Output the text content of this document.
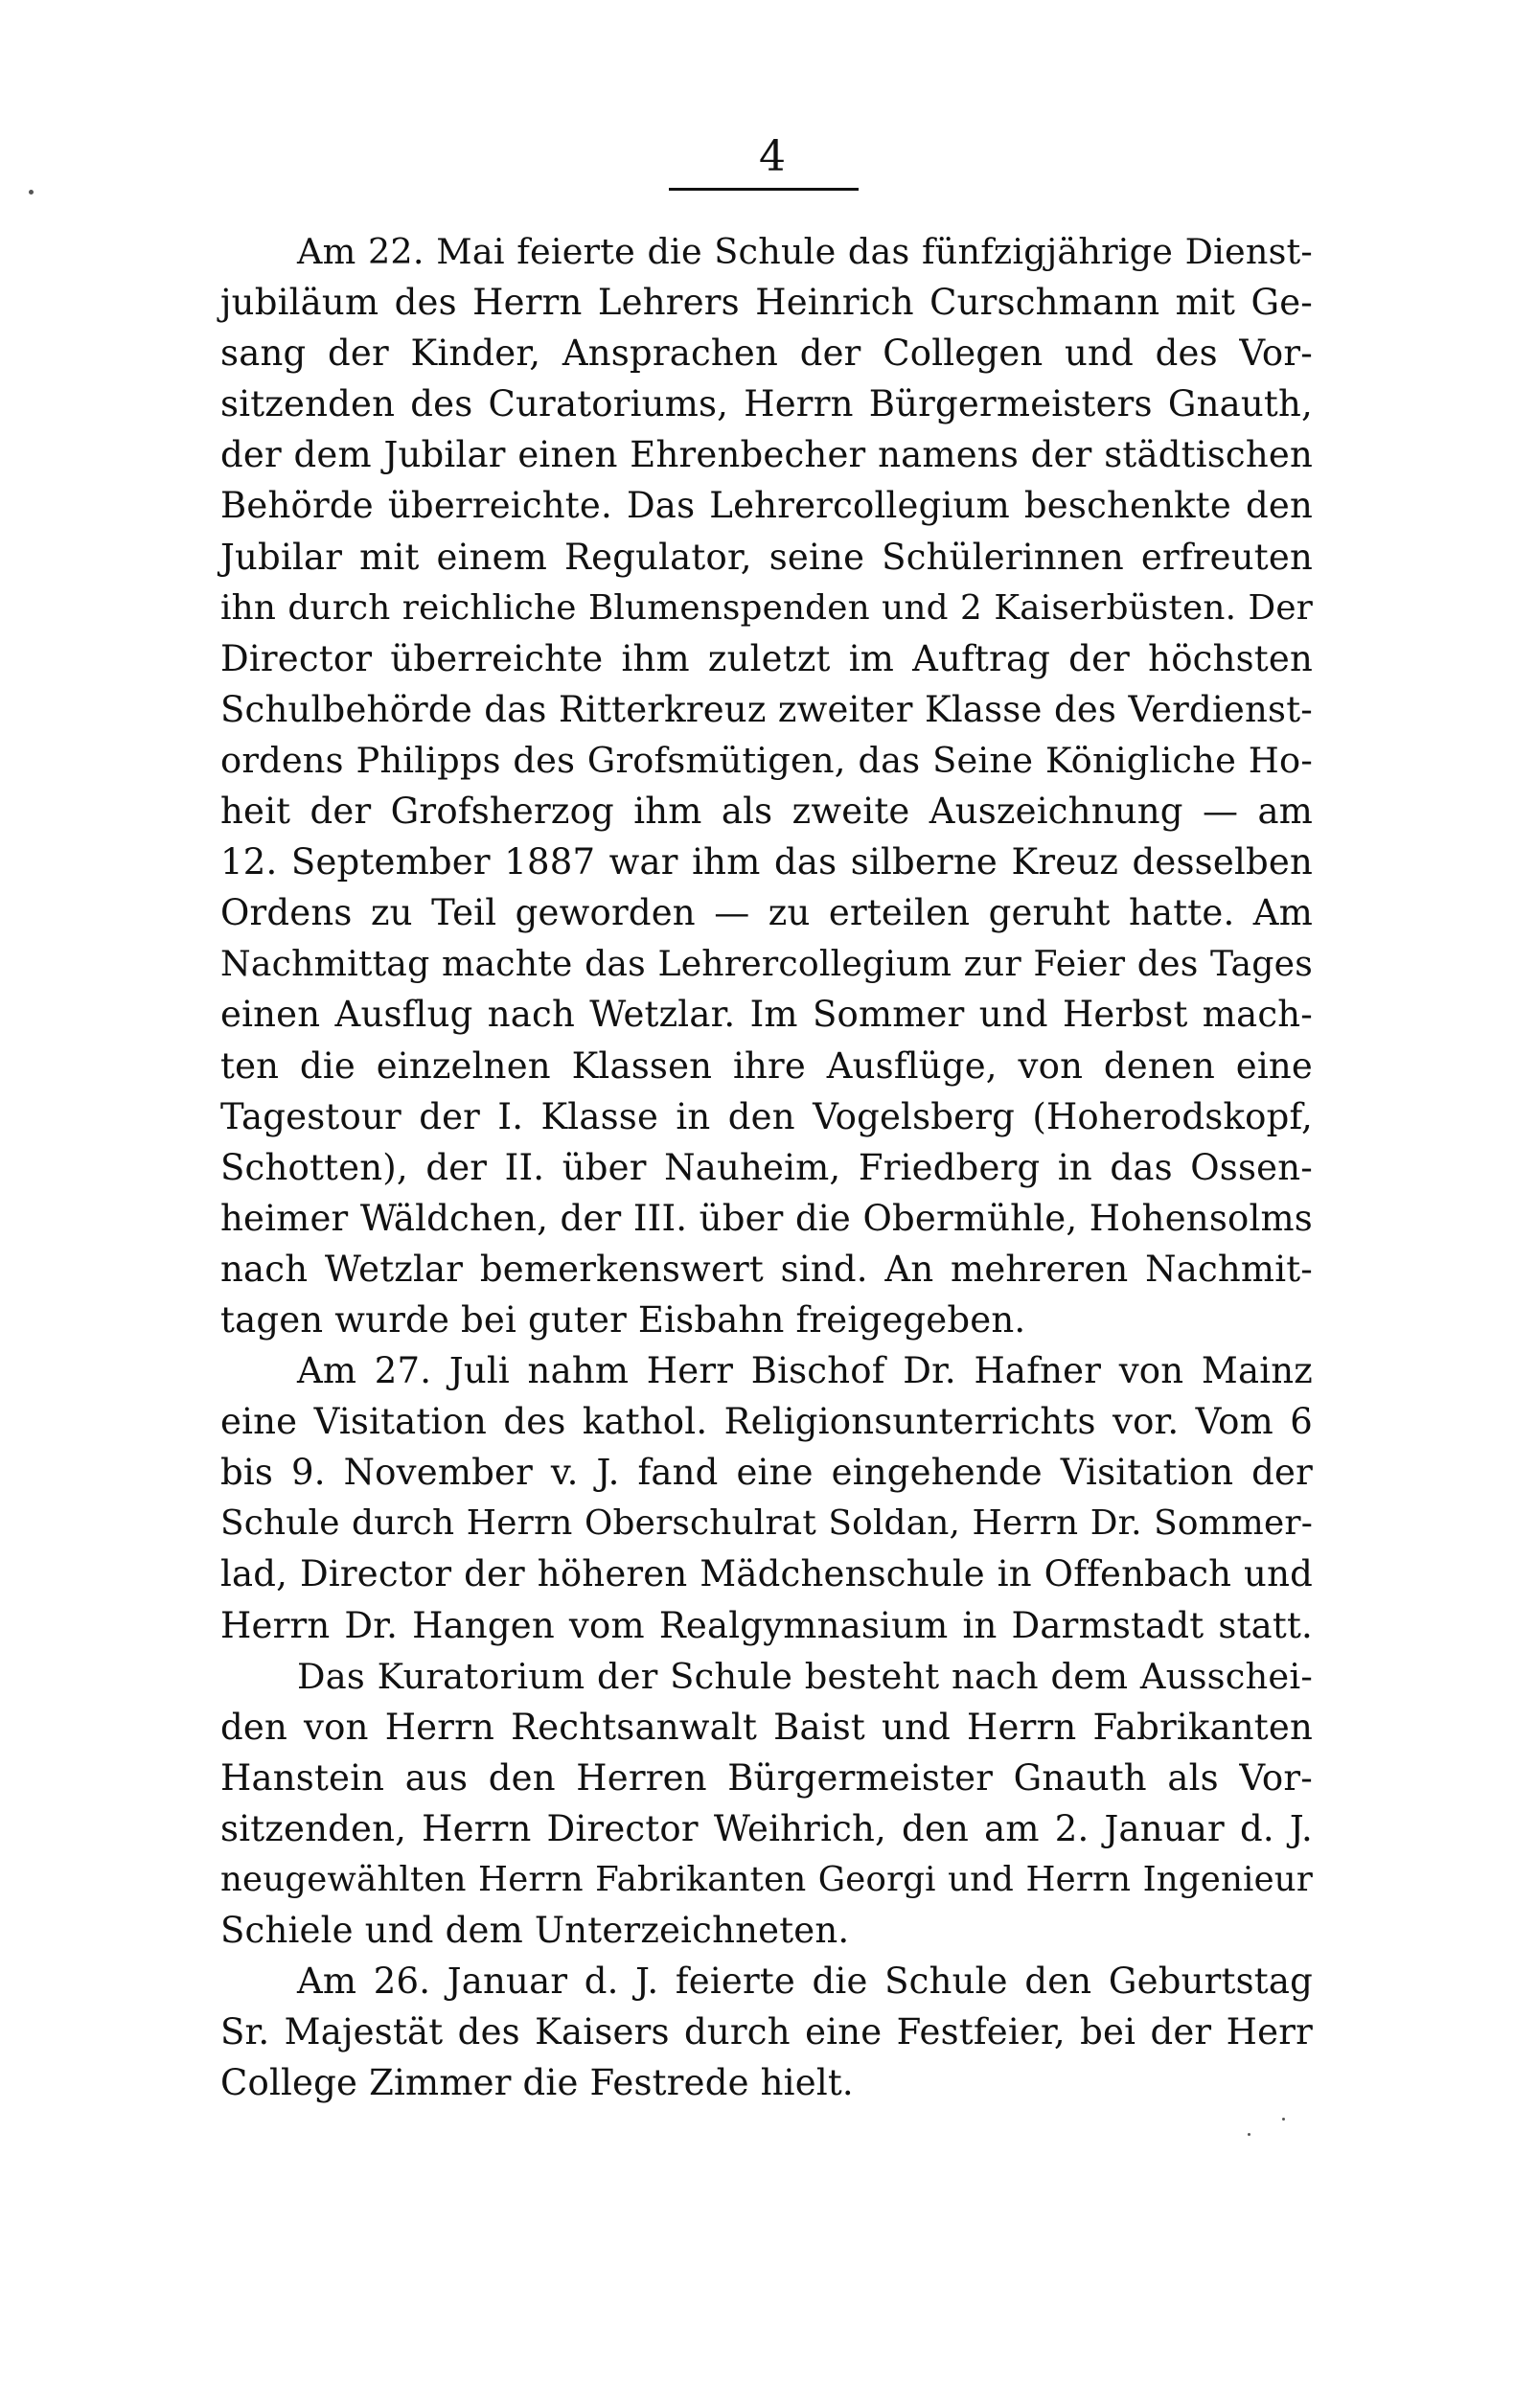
4
Am 22. Mai feierte die Schule das fünfzigjährige Dienst-
jubiläum des Herrn Lehrers Heinrich Curschmann mit Ge-
sang der Kinder, Ansprachen der Collegen und des Vor-
sitzenden des Curatoriums, Herrn Bürgermeisters Gnauth,
der dem Jubilar einen Ehrenbecher namens der städtischen
Behörde überreichte. Das Lehrercollegium beschenkte den
Jubilar mit einem Regulator, seine Schülerinnen erfreuten
ihn durch reichliche Blumenspenden und 2 Kaiserbüsten. Der
Director überreichte ihm zuletzt im Auftrag der höchsten
Schulbehörde das Ritterkreuz zweiter Klasse des Verdienst-
ordens Philipps des Grofsmütigen, das Seine Königliche Ho-
heit der Grofsherzog ihm als zweite Auszeichnung — am
12. September 1887 war ihm das silberne Kreuz desselben
Ordens zu Teil geworden — zu erteilen geruht hatte. Am
Nachmittag machte das Lehrercollegium zur Feier des Tages
einen Ausflug nach Wetzlar. Im Sommer und Herbst mach-
ten die einzelnen Klassen ihre Ausflüge, von denen eine
Tagestour der I. Klasse in den Vogelsberg (Hoherodskopf,
Schotten), der II. über Nauheim, Friedberg in das Ossen-
heimer Wäldchen, der III. über die Obermühle, Hohensolms
nach Wetzlar bemerkenswert sind. An mehreren Nachmit-
tagen wurde bei guter Eisbahn freigegeben.
Am 27. Juli nahm Herr Bischof Dr. Hafner von Mainz
eine Visitation des kathol. Religionsunterrichts vor. Vom 6
bis 9. November v. J. fand eine eingehende Visitation der
Schule durch Herrn Oberschulrat Soldan, Herrn Dr. Sommer-
lad, Director der höheren Mädchenschule in Offenbach und
Herrn Dr. Hangen vom Realgymnasium in Darmstadt statt.
Das Kuratorium der Schule besteht nach dem Ausschei-
den von Herrn Rechtsanwalt Baist und Herrn Fabrikanten
Hanstein aus den Herren Bürgermeister Gnauth als Vor-
sitzenden, Herrn Director Weihrich, den am 2. Januar d. J.
neugewählten Herrn Fabrikanten Georgi und Herrn Ingenieur
Schiele und dem Unterzeichneten.
Am 26. Januar d. J. feierte die Schule den Geburtstag
Sr. Majestät des Kaisers durch eine Festfeier, bei der Herr
College Zimmer die Festrede hielt.
